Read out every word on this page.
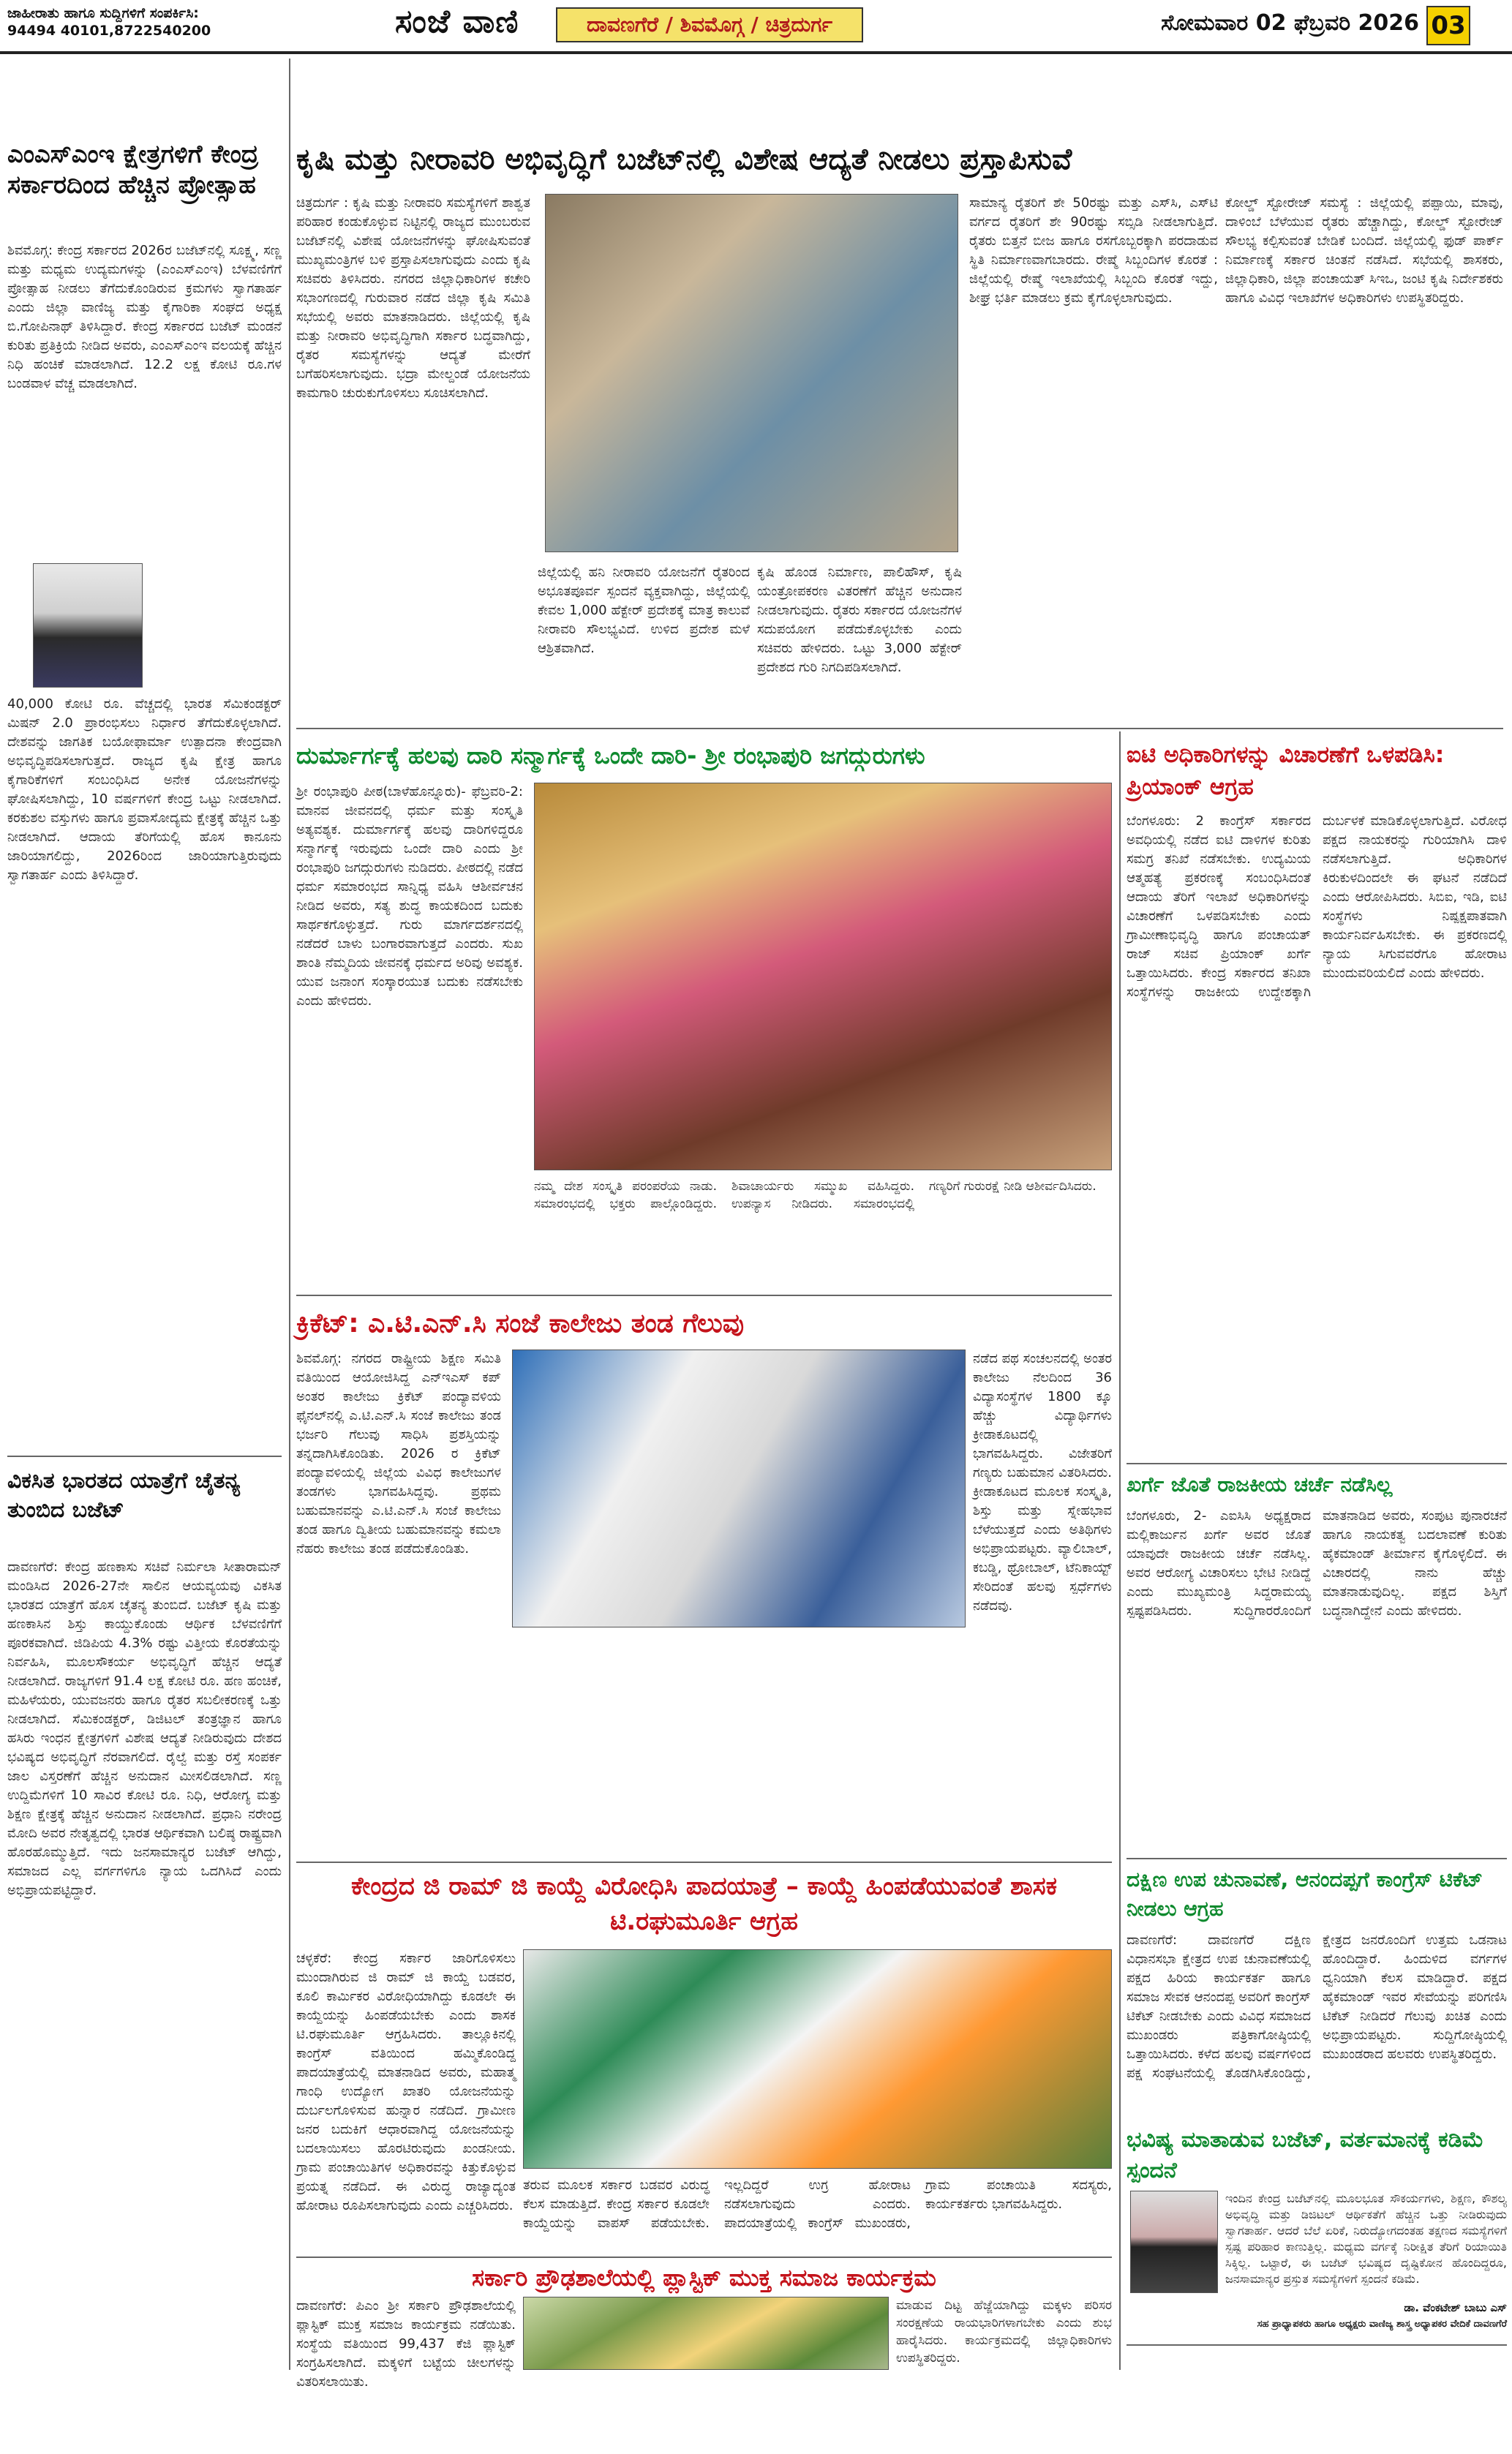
ಜಾಹೀರಾತು ಹಾಗೂ ಸುದ್ದಿಗಳಿಗೆ ಸಂಪರ್ಕಿಸಿ:
94494 40101,8722540200	ಸಂಜೆ ವಾಣಿ	ದಾವಣಗೆರೆ / ಶಿವಮೊಗ್ಗ / ಚಿತ್ರದುರ್ಗ	ಸೋಮವಾರ 02 ಫೆಬ್ರವರಿ 2026 03
ಎಂಎಸ್‌ಎಂಇ ಕ್ಷೇತ್ರಗಳಿಗೆ ಕೇಂದ್ರ ಸರ್ಕಾರದಿಂದ ಹೆಚ್ಚಿನ ಪ್ರೋತ್ಸಾಹ
ಶಿವಮೊಗ್ಗ: ಕೇಂದ್ರ ಸರ್ಕಾರದ 2026ರ ಬಜೆಟ್‌ನಲ್ಲಿ ಸೂಕ್ಷ್ಮ, ಸಣ್ಣ ಮತ್ತು ಮಧ್ಯಮ ಉದ್ಯಮಗಳನ್ನು (ಎಂಎಸ್‌ಎಂಇ) ಬೆಳವಣಿಗೆಗೆ ಪ್ರೋತ್ಸಾಹ ನೀಡಲು ತೆಗೆದುಕೊಂಡಿರುವ ಕ್ರಮಗಳು ಸ್ವಾಗತಾರ್ಹ ಎಂದು ಜಿಲ್ಲಾ ವಾಣಿಜ್ಯ ಮತ್ತು ಕೈಗಾರಿಕಾ ಸಂಘದ ಅಧ್ಯಕ್ಷ ಬಿ.ಗೋಪಿನಾಥ್ ತಿಳಿಸಿದ್ದಾರೆ. ಕೇಂದ್ರ ಸರ್ಕಾರದ ಬಜೆಟ್ ಮಂಡನೆ ಕುರಿತು ಪ್ರತಿಕ್ರಿಯೆ ನೀಡಿದ ಅವರು, ಎಂಎಸ್‌ಎಂಇ ವಲಯಕ್ಕೆ ಹೆಚ್ಚಿನ ನಿಧಿ ಹಂಚಿಕೆ ಮಾಡಲಾಗಿದೆ. 12.2 ಲಕ್ಷ ಕೋಟಿ ರೂ.ಗಳ ಬಂಡವಾಳ ವೆಚ್ಚ ಮಾಡಲಾಗಿದೆ.
40,000 ಕೋಟಿ ರೂ. ವೆಚ್ಚದಲ್ಲಿ ಭಾರತ ಸೆಮಿಕಂಡಕ್ಟರ್ ಮಿಷನ್ 2.0 ಪ್ರಾರಂಭಿಸಲು ನಿರ್ಧಾರ ತೆಗೆದುಕೊಳ್ಳಲಾಗಿದೆ. ದೇಶವನ್ನು ಜಾಗತಿಕ ಬಯೋಫಾರ್ಮಾ ಉತ್ಪಾದನಾ ಕೇಂದ್ರವಾಗಿ ಅಭಿವೃದ್ಧಿಪಡಿಸಲಾಗುತ್ತದೆ. ರಾಜ್ಯದ ಕೃಷಿ ಕ್ಷೇತ್ರ ಹಾಗೂ ಕೈಗಾರಿಕೆಗಳಿಗೆ ಸಂಬಂಧಿಸಿದ ಅನೇಕ ಯೋಜನೆಗಳನ್ನು ಘೋಷಿಸಲಾಗಿದ್ದು, 10 ವರ್ಷಗಳಿಗೆ ಕೇಂದ್ರ ಒಟ್ಟು ನೀಡಲಾಗಿದೆ. ಕರಕುಶಲ ವಸ್ತುಗಳು ಹಾಗೂ ಪ್ರವಾಸೋದ್ಯಮ ಕ್ಷೇತ್ರಕ್ಕೆ ಹೆಚ್ಚಿನ ಒತ್ತು ನೀಡಲಾಗಿದೆ. ಆದಾಯ ತೆರಿಗೆಯಲ್ಲಿ ಹೊಸ ಕಾನೂನು ಜಾರಿಯಾಗಲಿದ್ದು, 2026ರಿಂದ ಜಾರಿಯಾಗುತ್ತಿರುವುದು ಸ್ವಾಗತಾರ್ಹ ಎಂದು ತಿಳಿಸಿದ್ದಾರೆ.
ವಿಕಸಿತ ಭಾರತದ ಯಾತ್ರೆಗೆ ಚೈತನ್ಯ ತುಂಬಿದ ಬಜೆಟ್
ದಾವಣಗೆರೆ: ಕೇಂದ್ರ ಹಣಕಾಸು ಸಚಿವೆ ನಿರ್ಮಲಾ ಸೀತಾರಾಮನ್ ಮಂಡಿಸಿದ 2026-27ನೇ ಸಾಲಿನ ಆಯವ್ಯಯವು ವಿಕಸಿತ ಭಾರತದ ಯಾತ್ರೆಗೆ ಹೊಸ ಚೈತನ್ಯ ತುಂಬಿದೆ. ಬಜೆಟ್ ಕೃಷಿ ಮತ್ತು ಹಣಕಾಸಿನ ಶಿಸ್ತು ಕಾಯ್ದುಕೊಂಡು ಆರ್ಥಿಕ ಬೆಳವಣಿಗೆಗೆ ಪೂರಕವಾಗಿದೆ. ಜಿಡಿಪಿಯ 4.3% ರಷ್ಟು ವಿತ್ತೀಯ ಕೊರತೆಯನ್ನು ನಿರ್ವಹಿಸಿ, ಮೂಲಸೌಕರ್ಯ ಅಭಿವೃದ್ಧಿಗೆ ಹೆಚ್ಚಿನ ಆದ್ಯತೆ ನೀಡಲಾಗಿದೆ. ರಾಜ್ಯಗಳಿಗೆ 91.4 ಲಕ್ಷ ಕೋಟಿ ರೂ. ಹಣ ಹಂಚಿಕೆ, ಮಹಿಳೆಯರು, ಯುವಜನರು ಹಾಗೂ ರೈತರ ಸಬಲೀಕರಣಕ್ಕೆ ಒತ್ತು ನೀಡಲಾಗಿದೆ. ಸೆಮಿಕಂಡಕ್ಟರ್, ಡಿಜಿಟಲ್ ತಂತ್ರಜ್ಞಾನ ಹಾಗೂ ಹಸಿರು ಇಂಧನ ಕ್ಷೇತ್ರಗಳಿಗೆ ವಿಶೇಷ ಆದ್ಯತೆ ನೀಡಿರುವುದು ದೇಶದ ಭವಿಷ್ಯದ ಅಭಿವೃದ್ಧಿಗೆ ನೆರವಾಗಲಿದೆ. ರೈಲ್ವೆ ಮತ್ತು ರಸ್ತೆ ಸಂಪರ್ಕ ಜಾಲ ವಿಸ್ತರಣೆಗೆ ಹೆಚ್ಚಿನ ಅನುದಾನ ಮೀಸಲಿಡಲಾಗಿದೆ. ಸಣ್ಣ ಉದ್ದಿಮೆಗಳಿಗೆ 10 ಸಾವಿರ ಕೋಟಿ ರೂ. ನಿಧಿ, ಆರೋಗ್ಯ ಮತ್ತು ಶಿಕ್ಷಣ ಕ್ಷೇತ್ರಕ್ಕೆ ಹೆಚ್ಚಿನ ಅನುದಾನ ನೀಡಲಾಗಿದೆ. ಪ್ರಧಾನಿ ನರೇಂದ್ರ ಮೋದಿ ಅವರ ನೇತೃತ್ವದಲ್ಲಿ ಭಾರತ ಆರ್ಥಿಕವಾಗಿ ಬಲಿಷ್ಠ ರಾಷ್ಟ್ರವಾಗಿ ಹೊರಹೊಮ್ಮುತ್ತಿದೆ. ಇದು ಜನಸಾಮಾನ್ಯರ ಬಜೆಟ್ ಆಗಿದ್ದು, ಸಮಾಜದ ಎಲ್ಲ ವರ್ಗಗಳಿಗೂ ನ್ಯಾಯ ಒದಗಿಸಿದೆ ಎಂದು ಅಭಿಪ್ರಾಯಪಟ್ಟಿದ್ದಾರೆ.
ಕೃಷಿ ಮತ್ತು ನೀರಾವರಿ ಅಭಿವೃದ್ಧಿಗೆ ಬಜೆಟ್‌ನಲ್ಲಿ ವಿಶೇಷ ಆದ್ಯತೆ ನೀಡಲು ಪ್ರಸ್ತಾಪಿಸುವೆ
ಚಿತ್ರದುರ್ಗ : ಕೃಷಿ ಮತ್ತು ನೀರಾವರಿ ಸಮಸ್ಯೆಗಳಿಗೆ ಶಾಶ್ವತ ಪರಿಹಾರ ಕಂಡುಕೊಳ್ಳುವ ನಿಟ್ಟಿನಲ್ಲಿ ರಾಜ್ಯದ ಮುಂಬರುವ ಬಜೆಟ್‌ನಲ್ಲಿ ವಿಶೇಷ ಯೋಜನೆಗಳನ್ನು ಘೋಷಿಸುವಂತೆ ಮುಖ್ಯಮಂತ್ರಿಗಳ ಬಳಿ ಪ್ರಸ್ತಾಪಿಸಲಾಗುವುದು ಎಂದು ಕೃಷಿ ಸಚಿವರು ತಿಳಿಸಿದರು. ನಗರದ ಜಿಲ್ಲಾಧಿಕಾರಿಗಳ ಕಚೇರಿ ಸಭಾಂಗಣದಲ್ಲಿ ಗುರುವಾರ ನಡೆದ ಜಿಲ್ಲಾ ಕೃಷಿ ಸಮಿತಿ ಸಭೆಯಲ್ಲಿ ಅವರು ಮಾತನಾಡಿದರು. ಜಿಲ್ಲೆಯಲ್ಲಿ ಕೃಷಿ ಮತ್ತು ನೀರಾವರಿ ಅಭಿವೃದ್ಧಿಗಾಗಿ ಸರ್ಕಾರ ಬದ್ಧವಾಗಿದ್ದು, ರೈತರ ಸಮಸ್ಯೆಗಳನ್ನು ಆದ್ಯತೆ ಮೇರೆಗೆ ಬಗೆಹರಿಸಲಾಗುವುದು. ಭದ್ರಾ ಮೇಲ್ದಂಡೆ ಯೋಜನೆಯ ಕಾಮಗಾರಿ ಚುರುಕುಗೊಳಿಸಲು ಸೂಚಿಸಲಾಗಿದೆ.
ಜಿಲ್ಲೆಯಲ್ಲಿ ಹನಿ ನೀರಾವರಿ ಯೋಜನೆಗೆ ರೈತರಿಂದ ಅಭೂತಪೂರ್ವ ಸ್ಪಂದನೆ ವ್ಯಕ್ತವಾಗಿದ್ದು, ಜಿಲ್ಲೆಯಲ್ಲಿ ಕೇವಲ 1,000 ಹೆಕ್ಟೇರ್ ಪ್ರದೇಶಕ್ಕೆ ಮಾತ್ರ ಕಾಲುವೆ ನೀರಾವರಿ ಸೌಲಭ್ಯವಿದೆ. ಉಳಿದ ಪ್ರದೇಶ ಮಳೆ ಆಶ್ರಿತವಾಗಿದೆ.
ಕೃಷಿ ಹೊಂಡ ನಿರ್ಮಾಣ, ಪಾಲಿಹೌಸ್, ಕೃಷಿ ಯಂತ್ರೋಪಕರಣ ವಿತರಣೆಗೆ ಹೆಚ್ಚಿನ ಅನುದಾನ ನೀಡಲಾಗುವುದು. ರೈತರು ಸರ್ಕಾರದ ಯೋಜನೆಗಳ ಸದುಪಯೋಗ ಪಡೆದುಕೊಳ್ಳಬೇಕು ಎಂದು ಸಚಿವರು ಹೇಳಿದರು. ಒಟ್ಟು 3,000 ಹೆಕ್ಟೇರ್ ಪ್ರದೇಶದ ಗುರಿ ನಿಗದಿಪಡಿಸಲಾಗಿದೆ.
ಸಾಮಾನ್ಯ ರೈತರಿಗೆ ಶೇ 50ರಷ್ಟು ಮತ್ತು ಎಸ್‌ಸಿ, ಎಸ್‌ಟಿ ವರ್ಗದ ರೈತರಿಗೆ ಶೇ 90ರಷ್ಟು ಸಬ್ಸಿಡಿ ನೀಡಲಾಗುತ್ತಿದೆ. ರೈತರು ಬಿತ್ತನೆ ಬೀಜ ಹಾಗೂ ರಸಗೊಬ್ಬರಕ್ಕಾಗಿ ಪರದಾಡುವ ಸ್ಥಿತಿ ನಿರ್ಮಾಣವಾಗಬಾರದು. ರೇಷ್ಮೆ ಸಿಬ್ಬಂದಿಗಳ ಕೊರತೆ : ಜಿಲ್ಲೆಯಲ್ಲಿ ರೇಷ್ಮೆ ಇಲಾಖೆಯಲ್ಲಿ ಸಿಬ್ಬಂದಿ ಕೊರತೆ ಇದ್ದು, ಶೀಘ್ರ ಭರ್ತಿ ಮಾಡಲು ಕ್ರಮ ಕೈಗೊಳ್ಳಲಾಗುವುದು.
ಕೋಲ್ಡ್ ಸ್ಟೋರೇಜ್ ಸಮಸ್ಯೆ : ಜಿಲ್ಲೆಯಲ್ಲಿ ಪಪ್ಪಾಯಿ, ಮಾವು, ದಾಳಿಂಬೆ ಬೆಳೆಯುವ ರೈತರು ಹೆಚ್ಚಾಗಿದ್ದು, ಕೋಲ್ಡ್ ಸ್ಟೋರೇಜ್ ಸೌಲಭ್ಯ ಕಲ್ಪಿಸುವಂತೆ ಬೇಡಿಕೆ ಬಂದಿದೆ. ಜಿಲ್ಲೆಯಲ್ಲಿ ಫುಡ್ ಪಾರ್ಕ್ ನಿರ್ಮಾಣಕ್ಕೆ ಸರ್ಕಾರ ಚಿಂತನೆ ನಡೆಸಿದೆ. ಸಭೆಯಲ್ಲಿ ಶಾಸಕರು, ಜಿಲ್ಲಾಧಿಕಾರಿ, ಜಿಲ್ಲಾ ಪಂಚಾಯತ್ ಸಿಇಒ, ಜಂಟಿ ಕೃಷಿ ನಿರ್ದೇಶಕರು ಹಾಗೂ ವಿವಿಧ ಇಲಾಖೆಗಳ ಅಧಿಕಾರಿಗಳು ಉಪಸ್ಥಿತರಿದ್ದರು.
ದುರ್ಮಾರ್ಗಕ್ಕೆ ಹಲವು ದಾರಿ ಸನ್ಮಾರ್ಗಕ್ಕೆ ಒಂದೇ ದಾರಿ- ಶ್ರೀ ರಂಭಾಪುರಿ ಜಗದ್ಗುರುಗಳು
ಶ್ರೀ ರಂಭಾಪುರಿ ಪೀಠ(ಬಾಳೆಹೊನ್ನೂರು)- ಫೆಬ್ರವರಿ-2: ಮಾನವ ಜೀವನದಲ್ಲಿ ಧರ್ಮ ಮತ್ತು ಸಂಸ್ಕೃತಿ ಅತ್ಯವಶ್ಯಕ. ದುರ್ಮಾರ್ಗಕ್ಕೆ ಹಲವು ದಾರಿಗಳಿದ್ದರೂ ಸನ್ಮಾರ್ಗಕ್ಕೆ ಇರುವುದು ಒಂದೇ ದಾರಿ ಎಂದು ಶ್ರೀ ರಂಭಾಪುರಿ ಜಗದ್ಗುರುಗಳು ನುಡಿದರು. ಪೀಠದಲ್ಲಿ ನಡೆದ ಧರ್ಮ ಸಮಾರಂಭದ ಸಾನ್ನಿಧ್ಯ ವಹಿಸಿ ಆಶೀರ್ವಚನ ನೀಡಿದ ಅವರು, ಸತ್ಯ ಶುದ್ಧ ಕಾಯಕದಿಂದ ಬದುಕು ಸಾರ್ಥಕಗೊಳ್ಳುತ್ತದೆ. ಗುರು ಮಾರ್ಗದರ್ಶನದಲ್ಲಿ ನಡೆದರೆ ಬಾಳು ಬಂಗಾರವಾಗುತ್ತದೆ ಎಂದರು. ಸುಖ ಶಾಂತಿ ನೆಮ್ಮದಿಯ ಜೀವನಕ್ಕೆ ಧರ್ಮದ ಅರಿವು ಅವಶ್ಯಕ. ಯುವ ಜನಾಂಗ ಸಂಸ್ಕಾರಯುತ ಬದುಕು ನಡೆಸಬೇಕು ಎಂದು ಹೇಳಿದರು.
ನಮ್ಮ ದೇಶ ಸಂಸ್ಕೃತಿ ಪರಂಪರೆಯ ನಾಡು. ಸಮಾರಂಭದಲ್ಲಿ ಭಕ್ತರು ಪಾಲ್ಗೊಂಡಿದ್ದರು. ಶಿವಾಚಾರ್ಯರು ಸಮ್ಮುಖ ವಹಿಸಿದ್ದರು. ಉಪನ್ಯಾಸ ನೀಡಿದರು. ಸಮಾರಂಭದಲ್ಲಿ ಗಣ್ಯರಿಗೆ ಗುರುರಕ್ಷೆ ನೀಡಿ ಆಶೀರ್ವದಿಸಿದರು.
ಐಟಿ ಅಧಿಕಾರಿಗಳನ್ನು ವಿಚಾರಣೆಗೆ ಒಳಪಡಿಸಿ: ಪ್ರಿಯಾಂಕ್ ಆಗ್ರಹ
ಬೆಂಗಳೂರು: 2 ಕಾಂಗ್ರೆಸ್ ಸರ್ಕಾರದ ಅವಧಿಯಲ್ಲಿ ನಡೆದ ಐಟಿ ದಾಳಿಗಳ ಕುರಿತು ಸಮಗ್ರ ತನಿಖೆ ನಡೆಸಬೇಕು. ಉದ್ಯಮಿಯ ಆತ್ಮಹತ್ಯೆ ಪ್ರಕರಣಕ್ಕೆ ಸಂಬಂಧಿಸಿದಂತೆ ಆದಾಯ ತೆರಿಗೆ ಇಲಾಖೆ ಅಧಿಕಾರಿಗಳನ್ನು ವಿಚಾರಣೆಗೆ ಒಳಪಡಿಸಬೇಕು ಎಂದು ಗ್ರಾಮೀಣಾಭಿವೃದ್ಧಿ ಹಾಗೂ ಪಂಚಾಯತ್ ರಾಜ್ ಸಚಿವ ಪ್ರಿಯಾಂಕ್ ಖರ್ಗೆ ಒತ್ತಾಯಿಸಿದರು. ಕೇಂದ್ರ ಸರ್ಕಾರದ ತನಿಖಾ ಸಂಸ್ಥೆಗಳನ್ನು ರಾಜಕೀಯ ಉದ್ದೇಶಕ್ಕಾಗಿ ದುರ್ಬಳಕೆ ಮಾಡಿಕೊಳ್ಳಲಾಗುತ್ತಿದೆ. ವಿರೋಧ ಪಕ್ಷದ ನಾಯಕರನ್ನು ಗುರಿಯಾಗಿಸಿ ದಾಳಿ ನಡೆಸಲಾಗುತ್ತಿದೆ. ಅಧಿಕಾರಿಗಳ ಕಿರುಕುಳದಿಂದಲೇ ಈ ಘಟನೆ ನಡೆದಿದೆ ಎಂದು ಆರೋಪಿಸಿದರು. ಸಿಬಿಐ, ಇಡಿ, ಐಟಿ ಸಂಸ್ಥೆಗಳು ನಿಷ್ಪಕ್ಷಪಾತವಾಗಿ ಕಾರ್ಯನಿರ್ವಹಿಸಬೇಕು. ಈ ಪ್ರಕರಣದಲ್ಲಿ ನ್ಯಾಯ ಸಿಗುವವರೆಗೂ ಹೋರಾಟ ಮುಂದುವರಿಯಲಿದೆ ಎಂದು ಹೇಳಿದರು.
ಖರ್ಗೆ ಜೊತೆ ರಾಜಕೀಯ ಚರ್ಚೆ ನಡೆಸಿಲ್ಲ
ಬೆಂಗಳೂರು, 2- ಎಐಸಿಸಿ ಅಧ್ಯಕ್ಷರಾದ ಮಲ್ಲಿಕಾರ್ಜುನ ಖರ್ಗೆ ಅವರ ಜೊತೆ ಯಾವುದೇ ರಾಜಕೀಯ ಚರ್ಚೆ ನಡೆಸಿಲ್ಲ. ಅವರ ಆರೋಗ್ಯ ವಿಚಾರಿಸಲು ಭೇಟಿ ನೀಡಿದ್ದೆ ಎಂದು ಮುಖ್ಯಮಂತ್ರಿ ಸಿದ್ದರಾಮಯ್ಯ ಸ್ಪಷ್ಟಪಡಿಸಿದರು. ಸುದ್ದಿಗಾರರೊಂದಿಗೆ ಮಾತನಾಡಿದ ಅವರು, ಸಂಪುಟ ಪುನಾರಚನೆ ಹಾಗೂ ನಾಯಕತ್ವ ಬದಲಾವಣೆ ಕುರಿತು ಹೈಕಮಾಂಡ್ ತೀರ್ಮಾನ ಕೈಗೊಳ್ಳಲಿದೆ. ಈ ವಿಚಾರದಲ್ಲಿ ನಾನು ಹೆಚ್ಚು ಮಾತನಾಡುವುದಿಲ್ಲ. ಪಕ್ಷದ ಶಿಸ್ತಿಗೆ ಬದ್ಧನಾಗಿದ್ದೇನೆ ಎಂದು ಹೇಳಿದರು.
ದಕ್ಷಿಣ ಉಪ ಚುನಾವಣೆ, ಆನಂದಪ್ಪಗೆ ಕಾಂಗ್ರೆಸ್ ಟಿಕೆಟ್ ನೀಡಲು ಆಗ್ರಹ
ದಾವಣಗೆರೆ: ದಾವಣಗೆರೆ ದಕ್ಷಿಣ ವಿಧಾನಸಭಾ ಕ್ಷೇತ್ರದ ಉಪ ಚುನಾವಣೆಯಲ್ಲಿ ಪಕ್ಷದ ಹಿರಿಯ ಕಾರ್ಯಕರ್ತ ಹಾಗೂ ಸಮಾಜ ಸೇವಕ ಆನಂದಪ್ಪ ಅವರಿಗೆ ಕಾಂಗ್ರೆಸ್ ಟಿಕೆಟ್ ನೀಡಬೇಕು ಎಂದು ವಿವಿಧ ಸಮಾಜದ ಮುಖಂಡರು ಪತ್ರಿಕಾಗೋಷ್ಠಿಯಲ್ಲಿ ಒತ್ತಾಯಿಸಿದರು. ಕಳೆದ ಹಲವು ವರ್ಷಗಳಿಂದ ಪಕ್ಷ ಸಂಘಟನೆಯಲ್ಲಿ ತೊಡಗಿಸಿಕೊಂಡಿದ್ದು, ಕ್ಷೇತ್ರದ ಜನರೊಂದಿಗೆ ಉತ್ತಮ ಒಡನಾಟ ಹೊಂದಿದ್ದಾರೆ. ಹಿಂದುಳಿದ ವರ್ಗಗಳ ಧ್ವನಿಯಾಗಿ ಕೆಲಸ ಮಾಡಿದ್ದಾರೆ. ಪಕ್ಷದ ಹೈಕಮಾಂಡ್ ಇವರ ಸೇವೆಯನ್ನು ಪರಿಗಣಿಸಿ ಟಿಕೆಟ್ ನೀಡಿದರೆ ಗೆಲುವು ಖಚಿತ ಎಂದು ಅಭಿಪ್ರಾಯಪಟ್ಟರು. ಸುದ್ದಿಗೋಷ್ಠಿಯಲ್ಲಿ ಮುಖಂಡರಾದ ಹಲವರು ಉಪಸ್ಥಿತರಿದ್ದರು.
ಕ್ರಿಕೆಟ್: ಎ.ಟಿ.ಎನ್.ಸಿ ಸಂಜೆ ಕಾಲೇಜು ತಂಡ ಗೆಲುವು
ಶಿವಮೊಗ್ಗ: ನಗರದ ರಾಷ್ಟ್ರೀಯ ಶಿಕ್ಷಣ ಸಮಿತಿ ವತಿಯಿಂದ ಆಯೋಜಿಸಿದ್ದ ಎನ್‌ಇಎಸ್ ಕಪ್ ಅಂತರ ಕಾಲೇಜು ಕ್ರಿಕೆಟ್ ಪಂದ್ಯಾವಳಿಯ ಫೈನಲ್‌ನಲ್ಲಿ ಎ.ಟಿ.ಎನ್.ಸಿ ಸಂಜೆ ಕಾಲೇಜು ತಂಡ ಭರ್ಜರಿ ಗೆಲುವು ಸಾಧಿಸಿ ಪ್ರಶಸ್ತಿಯನ್ನು ತನ್ನದಾಗಿಸಿಕೊಂಡಿತು. 2026 ರ ಕ್ರಿಕೆಟ್ ಪಂದ್ಯಾವಳಿಯಲ್ಲಿ ಜಿಲ್ಲೆಯ ವಿವಿಧ ಕಾಲೇಜುಗಳ ತಂಡಗಳು ಭಾಗವಹಿಸಿದ್ದವು. ಪ್ರಥಮ ಬಹುಮಾನವನ್ನು ಎ.ಟಿ.ಎನ್.ಸಿ ಸಂಜೆ ಕಾಲೇಜು ತಂಡ ಹಾಗೂ ದ್ವಿತೀಯ ಬಹುಮಾನವನ್ನು ಕಮಲಾ ನೆಹರು ಕಾಲೇಜು ತಂಡ ಪಡೆದುಕೊಂಡಿತು.
ನಡೆದ ಪಥ ಸಂಚಲನದಲ್ಲಿ ಅಂತರ ಕಾಲೇಜು ನೆಲದಿಂದ 36 ವಿದ್ಯಾಸಂಸ್ಥೆಗಳ 1800 ಕ್ಕೂ ಹೆಚ್ಚು ವಿದ್ಯಾರ್ಥಿಗಳು ಕ್ರೀಡಾಕೂಟದಲ್ಲಿ ಭಾಗವಹಿಸಿದ್ದರು. ವಿಜೇತರಿಗೆ ಗಣ್ಯರು ಬಹುಮಾನ ವಿತರಿಸಿದರು. ಕ್ರೀಡಾಕೂಟದ ಮೂಲಕ ಸಂಸ್ಕೃತಿ, ಶಿಸ್ತು ಮತ್ತು ಸ್ನೇಹಭಾವ ಬೆಳೆಯುತ್ತದೆ ಎಂದು ಅತಿಥಿಗಳು ಅಭಿಪ್ರಾಯಪಟ್ಟರು. ವ್ಯಾಲಿಬಾಲ್, ಕಬಡ್ಡಿ, ಥ್ರೋಬಾಲ್, ಟೆನಿಕಾಯ್ಟ್ ಸೇರಿದಂತೆ ಹಲವು ಸ್ಪರ್ಧೆಗಳು ನಡೆದವು.
ಕೇಂದ್ರದ ಜಿ ರಾಮ್ ಜಿ ಕಾಯ್ದೆ ವಿರೋಧಿಸಿ ಪಾದಯಾತ್ರೆ – ಕಾಯ್ದೆ ಹಿಂಪಡೆಯುವಂತೆ ಶಾಸಕ ಟಿ.ರಘುಮೂರ್ತಿ ಆಗ್ರಹ
ಚಳ್ಳಕೆರೆ: ಕೇಂದ್ರ ಸರ್ಕಾರ ಜಾರಿಗೊಳಿಸಲು ಮುಂದಾಗಿರುವ ಜಿ ರಾಮ್ ಜಿ ಕಾಯ್ದೆ ಬಡವರ, ಕೂಲಿ ಕಾರ್ಮಿಕರ ವಿರೋಧಿಯಾಗಿದ್ದು ಕೂಡಲೇ ಈ ಕಾಯ್ದೆಯನ್ನು ಹಿಂಪಡೆಯಬೇಕು ಎಂದು ಶಾಸಕ ಟಿ.ರಘುಮೂರ್ತಿ ಆಗ್ರಹಿಸಿದರು. ತಾಲ್ಲೂಕಿನಲ್ಲಿ ಕಾಂಗ್ರೆಸ್ ವತಿಯಿಂದ ಹಮ್ಮಿಕೊಂಡಿದ್ದ ಪಾದಯಾತ್ರೆಯಲ್ಲಿ ಮಾತನಾಡಿದ ಅವರು, ಮಹಾತ್ಮ ಗಾಂಧಿ ಉದ್ಯೋಗ ಖಾತರಿ ಯೋಜನೆಯನ್ನು ದುರ್ಬಲಗೊಳಿಸುವ ಹುನ್ನಾರ ನಡೆದಿದೆ. ಗ್ರಾಮೀಣ ಜನರ ಬದುಕಿಗೆ ಆಧಾರವಾಗಿದ್ದ ಯೋಜನೆಯನ್ನು ಬದಲಾಯಿಸಲು ಹೊರಟಿರುವುದು ಖಂಡನೀಯ. ಗ್ರಾಮ ಪಂಚಾಯಿತಿಗಳ ಅಧಿಕಾರವನ್ನು ಕಿತ್ತುಕೊಳ್ಳುವ ಪ್ರಯತ್ನ ನಡೆದಿದೆ. ಈ ವಿರುದ್ಧ ರಾಜ್ಯಾದ್ಯಂತ ಹೋರಾಟ ರೂಪಿಸಲಾಗುವುದು ಎಂದು ಎಚ್ಚರಿಸಿದರು.
ತರುವ ಮೂಲಕ ಸರ್ಕಾರ ಬಡವರ ವಿರುದ್ಧ ಕೆಲಸ ಮಾಡುತ್ತಿದೆ. ಕೇಂದ್ರ ಸರ್ಕಾರ ಕೂಡಲೇ ಕಾಯ್ದೆಯನ್ನು ವಾಪಸ್ ಪಡೆಯಬೇಕು. ಇಲ್ಲದಿದ್ದರೆ ಉಗ್ರ ಹೋರಾಟ ನಡೆಸಲಾಗುವುದು ಎಂದರು. ಪಾದಯಾತ್ರೆಯಲ್ಲಿ ಕಾಂಗ್ರೆಸ್ ಮುಖಂಡರು, ಗ್ರಾಮ ಪಂಚಾಯಿತಿ ಸದಸ್ಯರು, ಕಾರ್ಯಕರ್ತರು ಭಾಗವಹಿಸಿದ್ದರು.
ಸರ್ಕಾರಿ ಪ್ರೌಢಶಾಲೆಯಲ್ಲಿ ಪ್ಲಾಸ್ಟಿಕ್ ಮುಕ್ತ ಸಮಾಜ ಕಾರ್ಯಕ್ರಮ
ದಾವಣಗೆರೆ: ಪಿಎಂ ಶ್ರೀ ಸರ್ಕಾರಿ ಪ್ರೌಢಶಾಲೆಯಲ್ಲಿ ಪ್ಲಾಸ್ಟಿಕ್ ಮುಕ್ತ ಸಮಾಜ ಕಾರ್ಯಕ್ರಮ ನಡೆಯಿತು. ಸಂಸ್ಥೆಯ ವತಿಯಿಂದ 99,437 ಕೆಜಿ ಪ್ಲಾಸ್ಟಿಕ್ ಸಂಗ್ರಹಿಸಲಾಗಿದೆ. ಮಕ್ಕಳಿಗೆ ಬಟ್ಟೆಯ ಚೀಲಗಳನ್ನು ವಿತರಿಸಲಾಯಿತು.
ಮಾಡುವ ದಿಟ್ಟ ಹೆಜ್ಜೆಯಾಗಿದ್ದು ಮಕ್ಕಳು ಪರಿಸರ ಸಂರಕ್ಷಣೆಯ ರಾಯಭಾರಿಗಳಾಗಬೇಕು ಎಂದು ಶುಭ ಹಾರೈಸಿದರು. ಕಾರ್ಯಕ್ರಮದಲ್ಲಿ ಜಿಲ್ಲಾಧಿಕಾರಿಗಳು ಉಪಸ್ಥಿತರಿದ್ದರು.
ಭವಿಷ್ಯ ಮಾತಾಡುವ ಬಜೆಟ್, ವರ್ತಮಾನಕ್ಕೆ ಕಡಿಮೆ ಸ್ಪಂದನೆ
ಇಂದಿನ ಕೇಂದ್ರ ಬಜೆಟ್‌ನಲ್ಲಿ ಮೂಲಭೂತ ಸೌಕರ್ಯಗಳು, ಶಿಕ್ಷಣ, ಕೌಶಲ್ಯ ಅಭಿವೃದ್ಧಿ ಮತ್ತು ಡಿಜಿಟಲ್ ಆರ್ಥಿಕತೆಗೆ ಹೆಚ್ಚಿನ ಒತ್ತು ನೀಡಿರುವುದು ಸ್ವಾಗತಾರ್ಹ. ಆದರೆ ಬೆಲೆ ಏರಿಕೆ, ನಿರುದ್ಯೋಗದಂತಹ ತಕ್ಷಣದ ಸಮಸ್ಯೆಗಳಿಗೆ ಸ್ಪಷ್ಟ ಪರಿಹಾರ ಕಾಣುತ್ತಿಲ್ಲ. ಮಧ್ಯಮ ವರ್ಗಕ್ಕೆ ನಿರೀಕ್ಷಿತ ತೆರಿಗೆ ರಿಯಾಯಿತಿ ಸಿಕ್ಕಿಲ್ಲ. ಒಟ್ಟಾರೆ, ಈ ಬಜೆಟ್ ಭವಿಷ್ಯದ ದೃಷ್ಟಿಕೋನ ಹೊಂದಿದ್ದರೂ, ಜನಸಾಮಾನ್ಯರ ಪ್ರಸ್ತುತ ಸಮಸ್ಯೆಗಳಿಗೆ ಸ್ಪಂದನೆ ಕಡಿಮೆ.
ಡಾ. ವೆಂಕಟೇಶ್ ಬಾಬು ಎಸ್
ಸಹ ಪ್ರಾಧ್ಯಾಪಕರು ಹಾಗೂ ಅಧ್ಯಕ್ಷರು ವಾಣಿಜ್ಯ ಶಾಸ್ತ್ರ ಅಧ್ಯಾಪಕರ ವೇದಿಕೆ ದಾವಣಗೆರೆ
